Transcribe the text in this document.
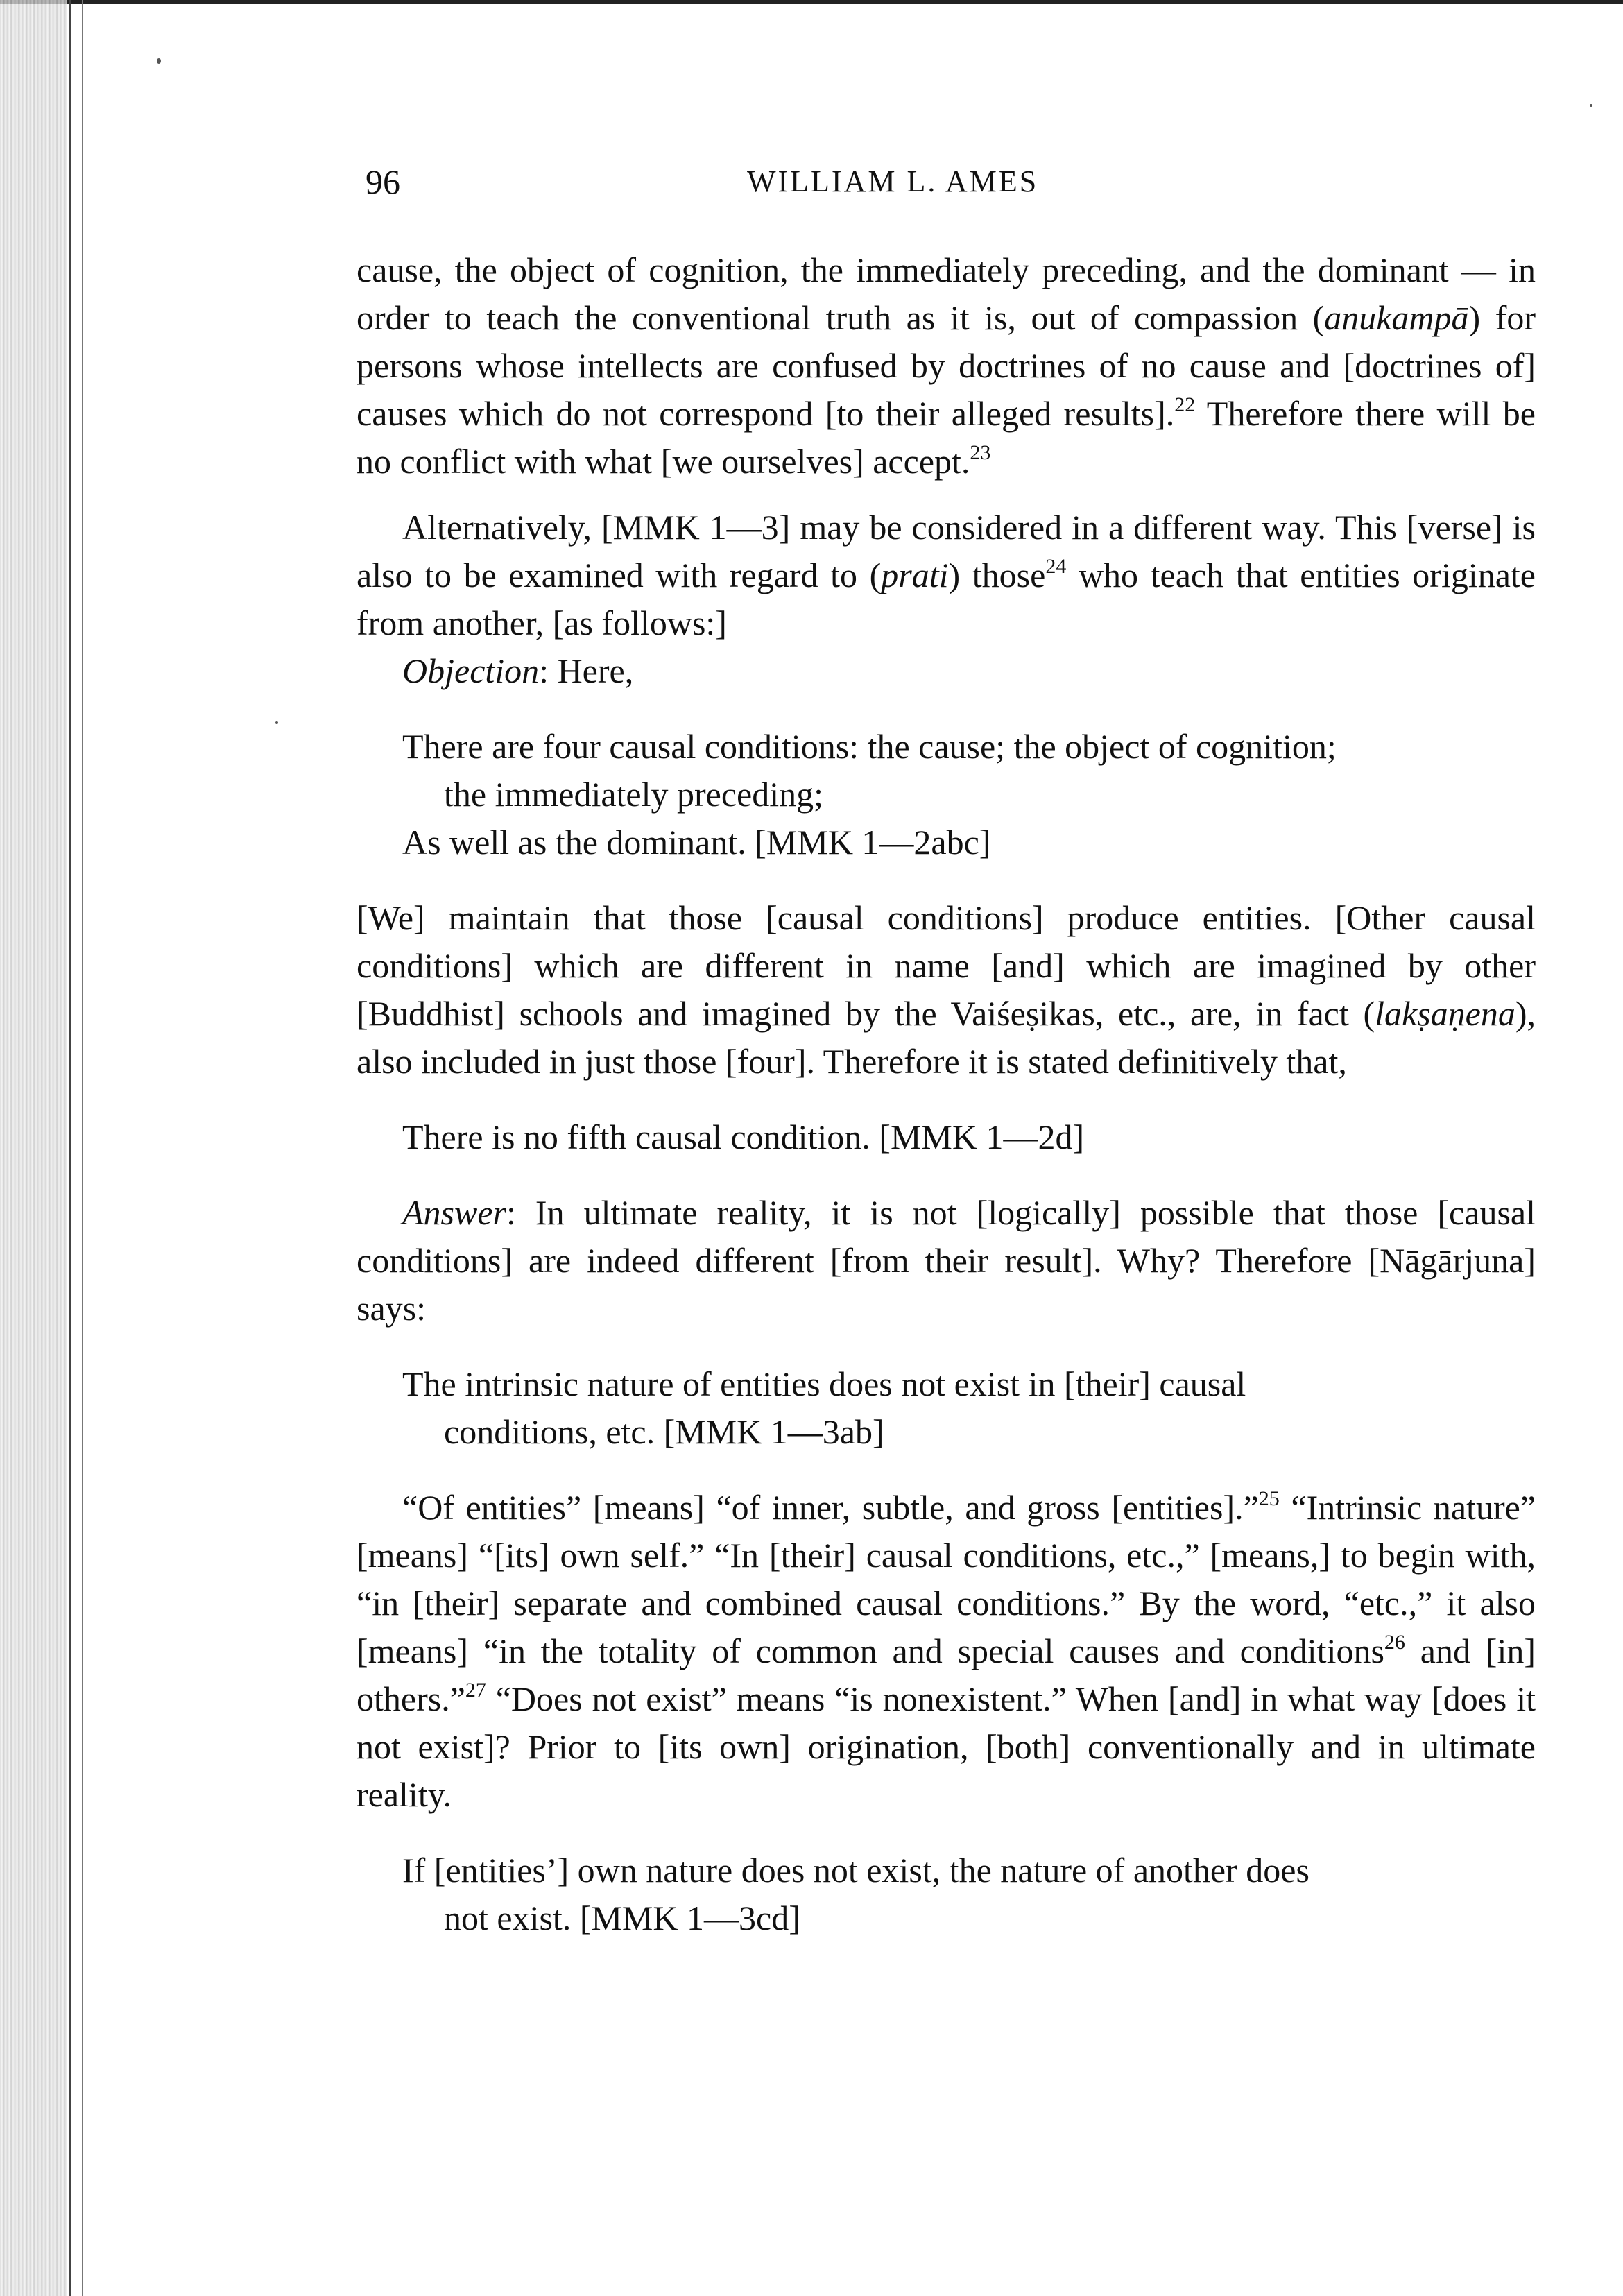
96	WILLIAM L. AMES

cause, the object of cognition, the immediately preceding, and the dominant — in order to teach the conventional truth as it is, out of compassion (anukampā) for persons whose intellects are confused by doctrines of no cause and [doctrines of] causes which do not correspond [to their alleged results].$^{22}$ Therefore there will be no conflict with what [we ourselves] accept.$^{23}$

Alternatively, [MMK 1—3] may be considered in a different way. This [verse] is also to be examined with regard to (prati) those$^{24}$ who teach that entities originate from another, [as follows:]

Objection: Here,

There are four causal conditions: the cause; the object of cognition;

the immediately preceding;

As well as the dominant. [MMK 1—2abc]

[We] maintain that those [causal conditions] produce entities. [Other causal conditions] which are different in name [and] which are imagined by other [Buddhist] schools and imagined by the Vaiśeṣikas, etc., are, in fact (lakṣaṇena), also included in just those [four]. Therefore it is stated definitively that,

There is no fifth causal condition. [MMK 1—2d]

Answer: In ultimate reality, it is not [logically] possible that those [causal conditions] are indeed different [from their result]. Why? Therefore [Nāgārjuna] says:

The intrinsic nature of entities does not exist in [their] causal

conditions, etc. [MMK 1—3ab]

“Of entities” [means] “of inner, subtle, and gross [entities].”$^{25}$ “Intrinsic nature” [means] “[its] own self.” “In [their] causal conditions, etc.,” [means,] to begin with, “in [their] separate and combined causal conditions.” By the word, “etc.,” it also [means] “in the totality of common and special causes and conditions$^{26}$ and [in] others.”$^{27}$ “Does not exist” means “is nonexistent.” When [and] in what way [does it not exist]? Prior to [its own] origination, [both] conventionally and in ultimate reality.

If [entities’] own nature does not exist, the nature of another does

not exist. [MMK 1—3cd]
